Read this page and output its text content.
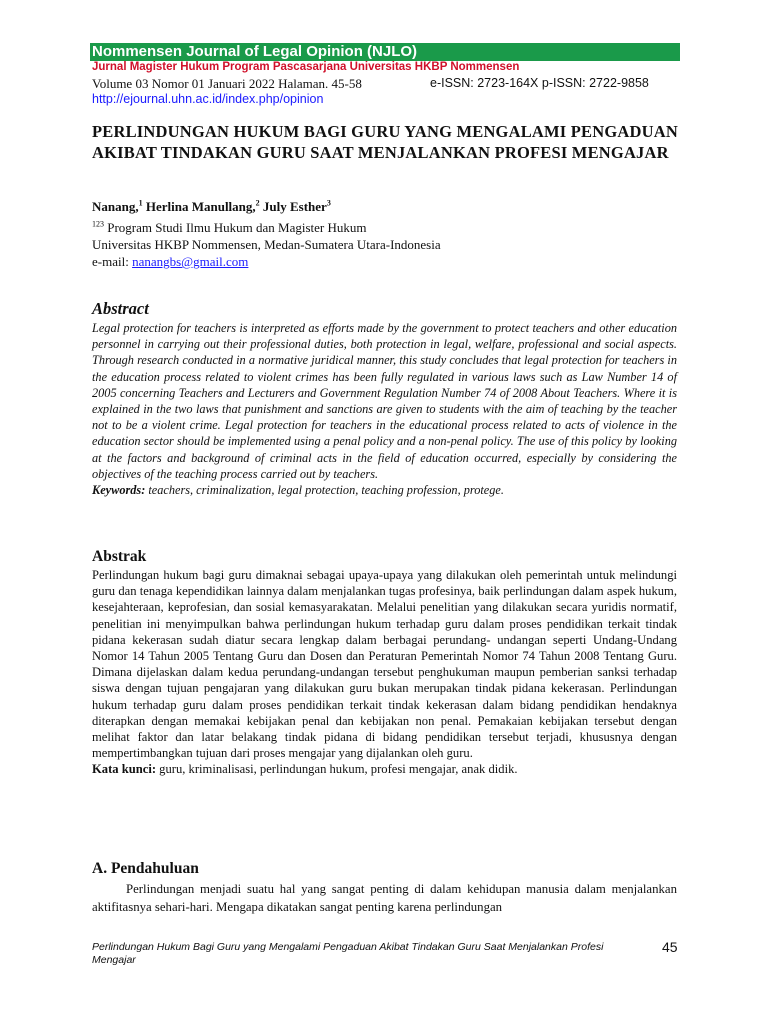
Nommensen Journal of Legal Opinion (NJLO)
Jurnal Magister Hukum Program Pascasarjana Universitas HKBP Nommensen
Volume 03 Nomor 01 Januari 2022 Halaman. 45-58	e-ISSN: 2723-164X p-ISSN: 2722-9858
http://ejournal.uhn.ac.id/index.php/opinion
PERLINDUNGAN HUKUM BAGI GURU YANG MENGALAMI PENGADUAN AKIBAT TINDAKAN GURU SAAT MENJALANKAN PROFESI MENGAJAR
Nanang,$^1$ Herlina Manullang,$^2$ July Esther$^3$
$^{123}$ Program Studi Ilmu Hukum dan Magister Hukum
Universitas HKBP Nommensen, Medan-Sumatera Utara-Indonesia
e-mail: nanangbs@gmail.com
Abstract
Legal protection for teachers is interpreted as efforts made by the government to protect teachers and other education personnel in carrying out their professional duties, both protection in legal, welfare, professional and social aspects. Through research conducted in a normative juridical manner, this study concludes that legal protection for teachers in the education process related to violent crimes has been fully regulated in various laws such as Law Number 14 of 2005 concerning Teachers and Lecturers and Government Regulation Number 74 of 2008 About Teachers. Where it is explained in the two laws that punishment and sanctions are given to students with the aim of teaching by the teacher not to be a violent crime. Legal protection for teachers in the educational process related to acts of violence in the education sector should be implemented using a penal policy and a non-penal policy. The use of this policy by looking at the factors and background of criminal acts in the field of education occurred, especially by considering the objectives of the teaching process carried out by teachers.

Keywords: teachers, criminalization, legal protection, teaching profession, protege.

Abstrak

Perlindungan hukum bagi guru dimaknai sebagai upaya-upaya yang dilakukan oleh pemerintah untuk melindungi guru dan tenaga kependidikan lainnya dalam menjalankan tugas profesinya, baik perlindungan dalam aspek hukum, kesejahteraan, keprofesian, dan sosial kemasyarakatan. Melalui penelitian yang dilakukan secara yuridis normatif, penelitian ini menyimpulkan bahwa perlindungan hukum terhadap guru dalam proses pendidikan terkait tindak pidana kekerasan sudah diatur secara lengkap dalam berbagai perundang- undangan seperti Undang-Undang Nomor 14 Tahun 2005 Tentang Guru dan Dosen dan Peraturan Pemerintah Nomor 74 Tahun 2008 Tentang Guru. Dimana dijelaskan dalam kedua perundang-undangan tersebut penghukuman maupun pemberian sanksi terhadap siswa dengan tujuan pengajaran yang dilakukan guru bukan merupakan tindak pidana kekerasan. Perlindungan hukum terhadap guru dalam proses pendidikan terkait tindak kekerasan dalam bidang pendidikan hendaknya diterapkan dengan memakai kebijakan penal dan kebijakan non penal. Pemakaian kebijakan tersebut dengan melihat faktor dan latar belakang tindak pidana di bidang pendidikan tersebut terjadi, khususnya dengan mempertimbangkan tujuan dari proses mengajar yang dijalankan oleh guru.

Kata kunci: guru, kriminalisasi, perlindungan hukum, profesi mengajar, anak didik.

A. Pendahuluan
Perlindungan menjadi suatu hal yang sangat penting di dalam kehidupan manusia dalam menjalankan aktifitasnya sehari-hari. Mengapa dikatakan sangat penting karena perlindungan
Perlindungan Hukum Bagi Guru yang Mengalami Pengaduan Akibat Tindakan Guru Saat Menjalankan Profesi Mengajar
45
